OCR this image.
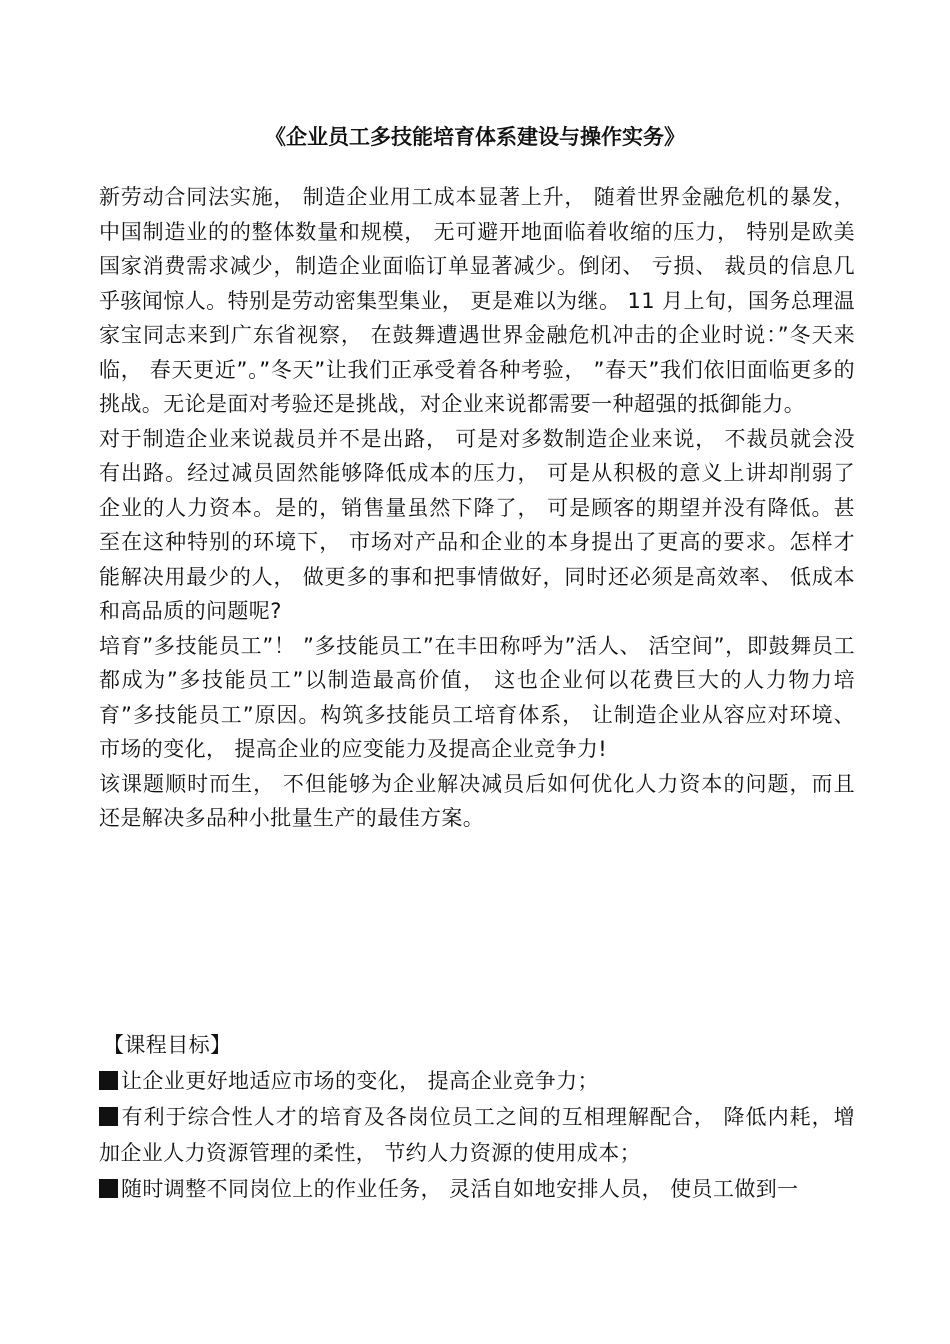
《企业员工多技能培育体系建设与操作实务》

新劳动合同法实施， 制造企业用工成本显著上升， 随着世界金融危机的暴发， 中国制造业的的整体数量和规模， 无可避开地面临着收缩的压力， 特别是欧美国家消费需求减少，制造企业面临订单显著减少。倒闭、 亏损、 裁员的信息几乎骇闻惊人。特别是劳动密集型集业， 更是难以为继。 11 月上旬，国务总理温家宝同志来到广东省视察， 在鼓舞遭遇世界金融危机冲击的企业时说：”冬天来临， 春天更近”。”冬天”让我们正承受着各种考验， ”春天”我们依旧面临更多的挑战。无论是面对考验还是挑战，对企业来说都需要一种超强的抵御能力。

对于制造企业来说裁员并不是出路， 可是对多数制造企业来说， 不裁员就会没有出路。经过减员固然能够降低成本的压力， 可是从积极的意义上讲却削弱了企业的人力资本。是的，销售量虽然下降了， 可是顾客的期望并没有降低。甚至在这种特别的环境下， 市场对产品和企业的本身提出了更高的要求。怎样才能解决用最少的人， 做更多的事和把事情做好，同时还必须是高效率、 低成本和高品质的问题呢?

培育”多技能员工”！ ”多技能员工”在丰田称呼为”活人、 活空间”，即鼓舞员工都成为”多技能员工”以制造最高价值， 这也企业何以花费巨大的人力物力培育”多技能员工”原因。构筑多技能员工培育体系， 让制造企业从容应对环境、 市场的变化， 提高企业的应变能力及提高企业竞争力!

该课题顺时而生， 不但能够为企业解决减员后如何优化人力资本的问题，而且还是解决多品种小批量生产的最佳方案。

【课程目标】

让企业更好地适应市场的变化， 提高企业竞争力；

有利于综合性人才的培育及各岗位员工之间的互相理解配合， 降低内耗，增加企业人力资源管理的柔性， 节约人力资源的使用成本；

随时调整不同岗位上的作业任务， 灵活自如地安排人员， 使员工做到一
